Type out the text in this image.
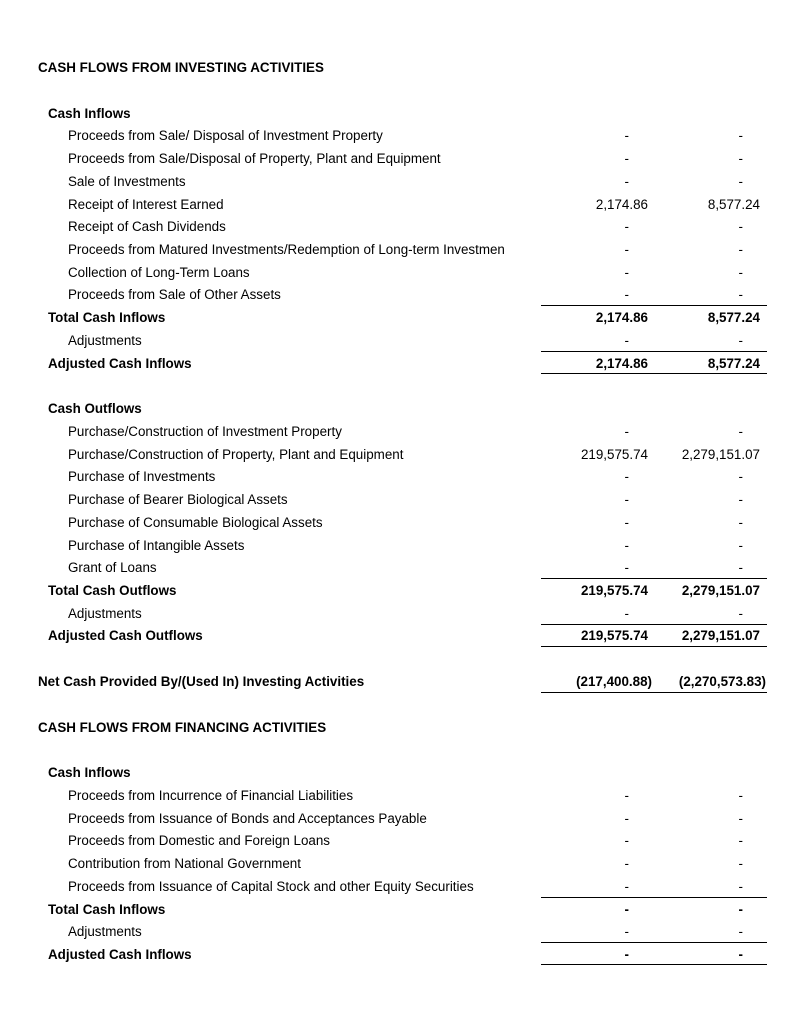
CASH FLOWS FROM INVESTING ACTIVITIES
Cash Inflows
Proceeds from Sale/ Disposal of Investment Property	-	-
Proceeds from Sale/Disposal of Property, Plant and Equipment	-	-
Sale of Investments	-	-
Receipt of Interest Earned	2,174.86	8,577.24
Receipt of Cash Dividends	-	-
Proceeds from Matured Investments/Redemption of Long-term Investmen	-	-
Collection of Long-Term Loans	-	-
Proceeds from Sale of Other Assets	-	-
Total Cash Inflows	2,174.86	8,577.24
Adjustments	-	-
Adjusted Cash Inflows	2,174.86	8,577.24
Cash Outflows
Purchase/Construction of Investment Property	-	-
Purchase/Construction of Property, Plant and Equipment	219,575.74	2,279,151.07
Purchase of Investments	-	-
Purchase of Bearer Biological Assets	-	-
Purchase of Consumable Biological Assets	-	-
Purchase of Intangible Assets	-	-
Grant of Loans	-	-
Total Cash Outflows	219,575.74	2,279,151.07
Adjustments	-	-
Adjusted Cash Outflows	219,575.74	2,279,151.07
Net Cash Provided By/(Used In) Investing Activities	(217,400.88)	(2,270,573.83)
CASH FLOWS FROM FINANCING ACTIVITIES
Cash Inflows
Proceeds from Incurrence of Financial Liabilities	-	-
Proceeds from Issuance of Bonds and Acceptances Payable	-	-
Proceeds from Domestic and Foreign Loans	-	-
Contribution from National Government	-	-
Proceeds from Issuance of Capital Stock and other Equity Securities	-	-
Total Cash Inflows	-	-
Adjustments	-	-
Adjusted Cash Inflows	-	-
